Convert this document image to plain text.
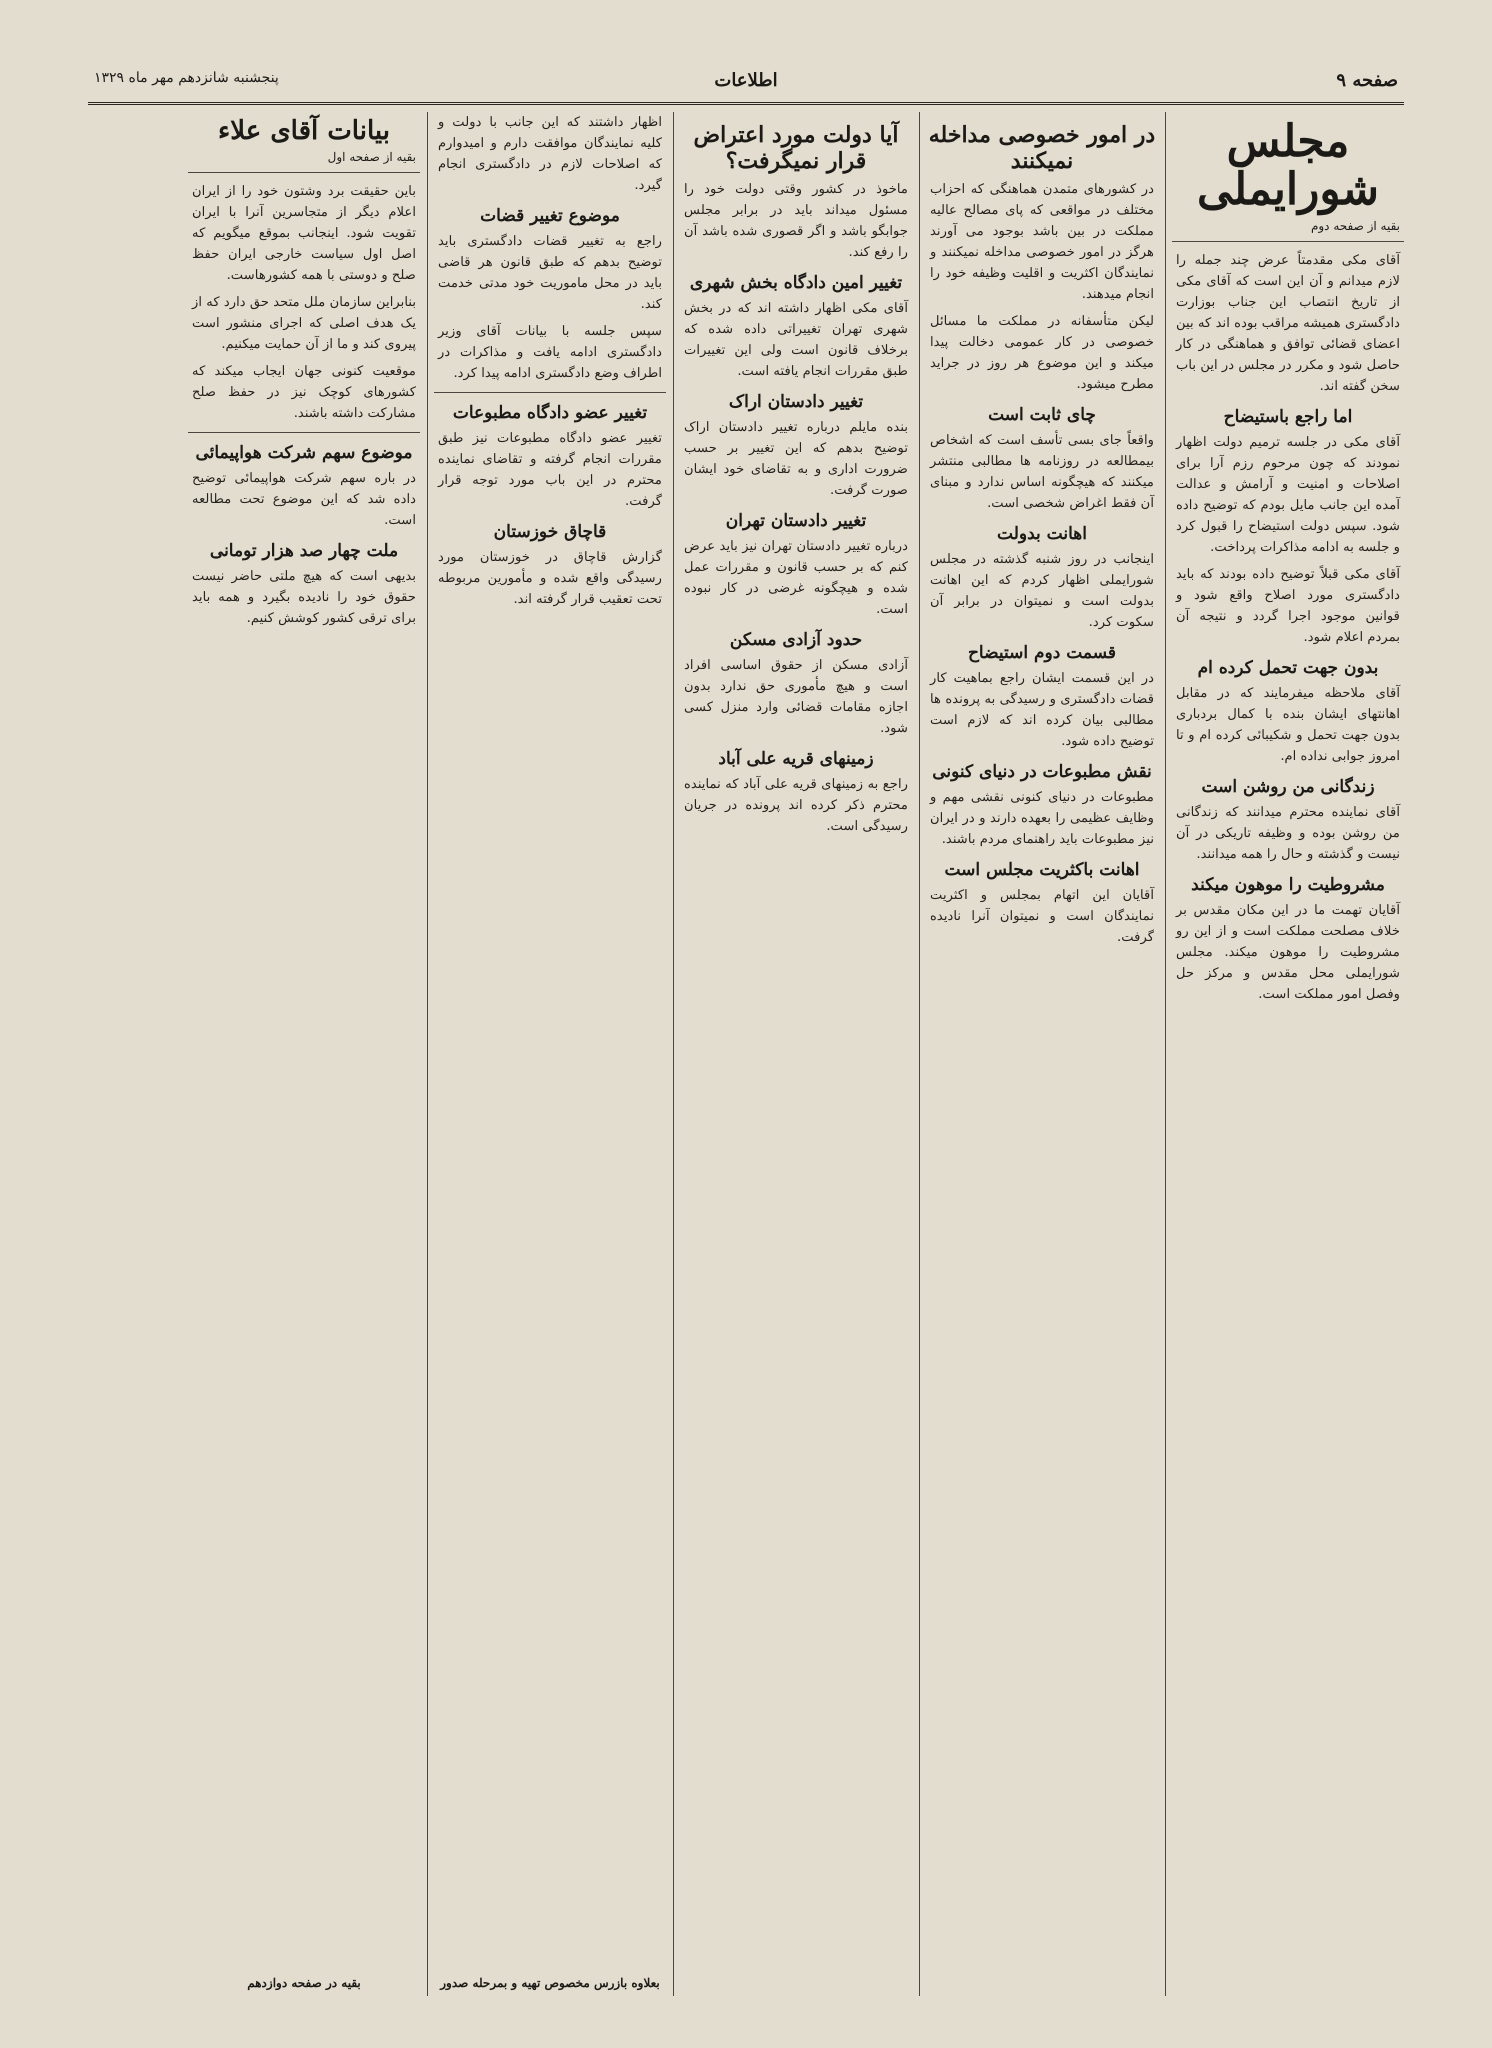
صفحه ۹
اطلاعات
پنجشنبه شانزدهم مهر ماه ۱۳۲۹
مجلس شورایملی
بقیه از صفحه دوم

آقای مکی مقدمتاً عرض چند جمله را لازم میدانم و آن این است که آقای مکی از تاریخ انتصاب این جناب بوزارت دادگستری همیشه مراقب بوده اند که بین اعضای قضائی توافق و هماهنگی در کار حاصل شود و مکرر در مجلس در این باب سخن گفته اند.

اما راجع باستیضاح

آقای مکی در جلسه ترمیم دولت اظهار نمودند که چون مرحوم رزم آرا برای اصلاحات و امنیت و آرامش و عدالت آمده این جانب مایل بودم که توضیح داده شود. سپس دولت استیضاح را قبول کرد و جلسه به ادامه مذاکرات پرداخت.

آقای مکی قبلاً توضیح داده بودند که باید دادگستری مورد اصلاح واقع شود و قوانین موجود اجرا گردد و نتیجه آن بمردم اعلام شود.

بدون جهت تحمل کرده ام

آقای ملاحظه میفرمایند که در مقابل اهانتهای ایشان بنده با کمال بردباری بدون جهت تحمل و شکیبائی کرده ام و تا امروز جوابی نداده ام.

زندگانی من روشن است

آقای نماینده محترم میدانند که زندگانی من روشن بوده و وظیفه تاریکی در آن نیست و گذشته و حال را همه میدانند.

مشروطیت را موهون میکند

آقایان تهمت ما در این مکان مقدس بر خلاف مصلحت مملکت است و از این رو مشروطیت را موهون میکند. مجلس شورایملی محل مقدس و مرکز حل وفصل امور مملکت است.

در امور خصوصی مداخله نمیکنند

در کشورهای متمدن هماهنگی که احزاب مختلف در مواقعی که پای مصالح عالیه مملکت در بین باشد بوجود می آورند هرگز در امور خصوصی مداخله نمیکنند و نمایندگان اکثریت و اقلیت وظیفه خود را انجام میدهند.

لیکن متأسفانه در مملکت ما مسائل خصوصی در کار عمومی دخالت پیدا میکند و این موضوع هر روز در جراید مطرح میشود.

چای ثابت است

واقعاً جای بسی تأسف است که اشخاص بیمطالعه در روزنامه ها مطالبی منتشر میکنند که هیچگونه اساس ندارد و مبنای آن فقط اغراض شخصی است.

اهانت بدولت

اینجانب در روز شنبه گذشته در مجلس شورایملی اظهار کردم که این اهانت بدولت است و نمیتوان در برابر آن سکوت کرد.

قسمت دوم استیضاح

در این قسمت ایشان راجع بماهیت کار قضات دادگستری و رسیدگی به پرونده ها مطالبی بیان کرده اند که لازم است توضیح داده شود.

نقش مطبوعات در دنیای کنونی

مطبوعات در دنیای کنونی نقشی مهم و وظایف عظیمی را بعهده دارند و در ایران نیز مطبوعات باید راهنمای مردم باشند.

اهانت باکثریت مجلس است

آقایان این اتهام بمجلس و اکثریت نمایندگان است و نمیتوان آنرا نادیده گرفت.

آیا دولت مورد اعتراض قرار نمیگرفت؟

ماخوذ در کشور وقتی دولت خود را مسئول میداند باید در برابر مجلس جوابگو باشد و اگر قصوری شده باشد آن را رفع کند.

تغییر امین دادگاه بخش شهری

آقای مکی اظهار داشته اند که در بخش شهری تهران تغییراتی داده شده که برخلاف قانون است ولی این تغییرات طبق مقررات انجام یافته است.

تغییر دادستان اراک

بنده مایلم درباره تغییر دادستان اراک توضیح بدهم که این تغییر بر حسب ضرورت اداری و به تقاضای خود ایشان صورت گرفت.

تغییر دادستان تهران

درباره تغییر دادستان تهران نیز باید عرض کنم که بر حسب قانون و مقررات عمل شده و هیچگونه غرضی در کار نبوده است.

حدود آزادی مسکن

آزادی مسکن از حقوق اساسی افراد است و هیچ مأموری حق ندارد بدون اجازه مقامات قضائی وارد منزل کسی شود.

زمینهای قریه علی آباد

راجع به زمینهای قریه علی آباد که نماینده محترم ذکر کرده اند پرونده در جریان رسیدگی است.

اظهار داشتند که این جانب با دولت و کلیه نمایندگان موافقت دارم و امیدوارم که اصلاحات لازم در دادگستری انجام گیرد.

موضوع تغییر قضات

راجع به تغییر قضات دادگستری باید توضیح بدهم که طبق قانون هر قاضی باید در محل ماموریت خود مدتی خدمت کند.

سپس جلسه با بیانات آقای وزیر دادگستری ادامه یافت و مذاکرات در اطراف وضع دادگستری ادامه پیدا کرد.

تغییر عضو دادگاه مطبوعات

تغییر عضو دادگاه مطبوعات نیز طبق مقررات انجام گرفته و تقاضای نماینده محترم در این باب مورد توجه قرار گرفت.

قاچاق خوزستان

گزارش قاچاق در خوزستان مورد رسیدگی واقع شده و مأمورین مربوطه تحت تعقیب قرار گرفته اند.

بعلاوه بازرس مخصوص تهیه و بمرحله صدور
بیانات آقای علاء
بقیه از صفحه اول

باین حقیقت برد وشتون خود را از ایران اعلام دیگر از متجاسرین آنرا با ایران تقویت شود. اینجانب بموقع میگویم که اصل اول سیاست خارجی ایران حفظ صلح و دوستی با همه کشورهاست.

بنابراین سازمان ملل متحد حق دارد که از یک هدف اصلی که اجرای منشور است پیروی کند و ما از آن حمایت میکنیم.

موقعیت کنونی جهان ایجاب میکند که کشورهای کوچک نیز در حفظ صلح مشارکت داشته باشند.

موضوع سهم شرکت هواپیمائی

در باره سهم شرکت هواپیمائی توضیح داده شد که این موضوع تحت مطالعه است.

ملت چهار صد هزار تومانی

بدیهی است که هیچ ملتی حاضر نیست حقوق خود را نادیده بگیرد و همه باید برای ترقی کشور کوشش کنیم.

بقیه در صفحه دوازدهم
